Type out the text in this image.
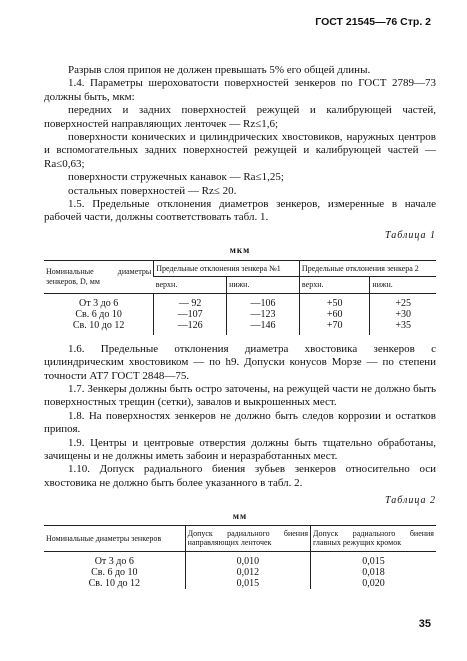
ГОСТ 21545—76 Стр. 2

Разрыв слоя припоя не должен превышать 5% его общей длины.

1.4. Параметры шероховатости поверхностей зенкеров по ГОСТ 2789—73 должны быть, мкм:

передних и задних поверхностей режущей и калибрующей частей, поверхностей направляющих ленточек — Rz≤1,6;

поверхности конических и цилиндрических хвостовиков, наружных центров и вспомогательных задних поверхностей режущей и калибрующей частей — Ra≤0,63;

поверхности стружечных канавок — Ra≤1,25;

остальных поверхностей — Rz≤ 20.

1.5. Предельные отклонения диаметров зенкеров, измеренные в начале рабочей части, должны соответствовать табл. 1.

Таблица 1
мкм
Номинальные диаметры зенкеров, D, мм	Предельные отклонения зенкера №1		Предельные отклонения зенкера 2	
	верхн.	нижн.	верхн.	нижн.
От 3 до 6	— 92	—106	+50	+25
Св. 6 до 10	—107	—123	+60	+30
Св. 10 до 12	—126	—146	+70	+35

1.6. Предельные отклонения диаметра хвостовика зенкеров с цилиндрическим хвостовиком — по h9. Допуски конусов Морзе — по степени точности АТ7 ГОСТ 2848—75.

1.7. Зенкеры должны быть остро заточены, на режущей части не должно быть поверхностных трещин (сетки), завалов и выкрошенных мест.

1.8. На поверхностях зенкеров не должно быть следов коррозии и остатков припоя.

1.9. Центры и центровые отверстия должны быть тщательно обработаны, зачищены и не должны иметь забоин и неразработанных мест.

1.10. Допуск радиального биения зубьев зенкеров относительно оси хвостовика не должно быть более указанного в табл. 2.

Таблица 2
мм
Номинальные диаметры зенкеров	Допуск радиального биения направляющих ленточек	Допуск радиального биения главных режущих кромок
От 3 до 6	0,010	0,015
Св. 6 до 10	0,012	0,018
Св. 10 до 12	0,015	0,020
35
